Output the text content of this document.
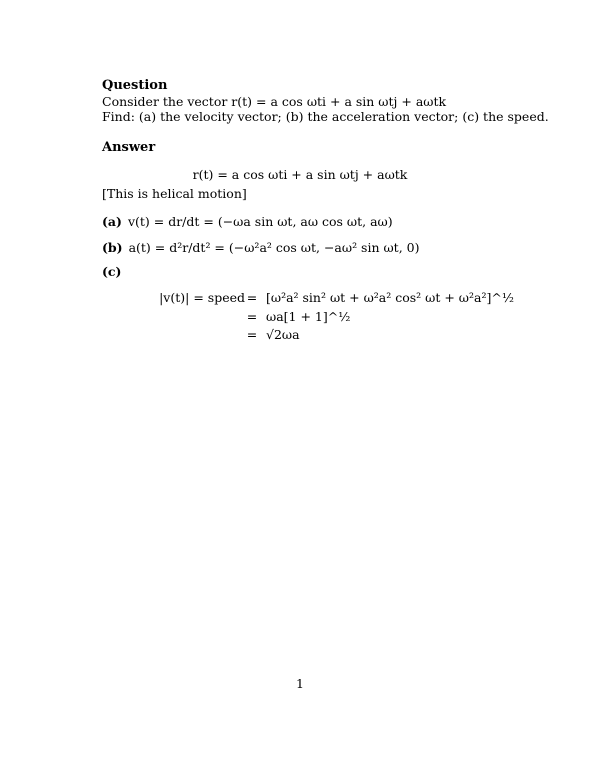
Question
Consider the vector r(t) = a cos ωti + a sin ωtj + aωtk
Find: (a) the velocity vector; (b) the acceleration vector; (c) the speed.
Answer
r(t) = a cos ωti + a sin ωtj + aωtk
[This is helical motion]
(a) v(t) = dr/dt = (−ωa sin ωt, aω cos ωt, aω)
(b) a(t) = d²r/dt² = (−ω²a² cos ωt, −aω² sin ωt, 0)
(c)
|v(t)| = speed = [ω²a² sin² ωt + ω²a² cos² ωt + ω²a²]^½
= ωa[1 + 1]^½
= √2ωa
1
